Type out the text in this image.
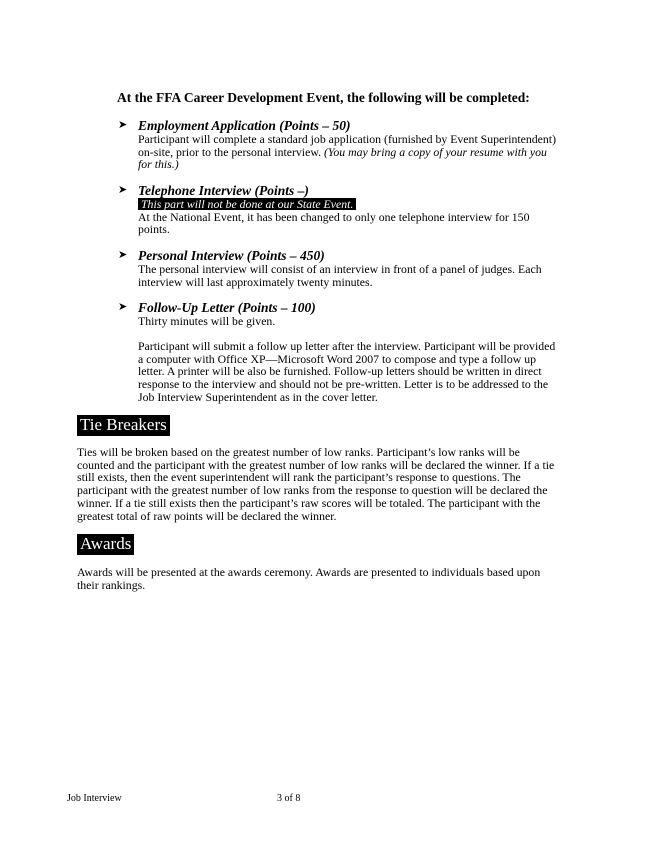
At the FFA Career Development Event, the following will be completed:
➤ Employment Application (Points – 50)
Participant will complete a standard job application (furnished by Event Superintendent) on-site, prior to the personal interview. (You may bring a copy of your resume with you for this.)
➤ Telephone Interview (Points –)
This part will not be done at our State Event.
At the National Event, it has been changed to only one telephone interview for 150 points.
➤ Personal Interview (Points – 450)
The personal interview will consist of an interview in front of a panel of judges. Each interview will last approximately twenty minutes.
➤ Follow-Up Letter (Points – 100)
Thirty minutes will be given.
Participant will submit a follow up letter after the interview. Participant will be provided a computer with Office XP—Microsoft Word 2007 to compose and type a follow up letter. A printer will be also be furnished. Follow-up letters should be written in direct response to the interview and should not be pre-written. Letter is to be addressed to the Job Interview Superintendent as in the cover letter.
Tie Breakers
Ties will be broken based on the greatest number of low ranks. Participant’s low ranks will be counted and the participant with the greatest number of low ranks will be declared the winner. If a tie still exists, then the event superintendent will rank the participant’s response to questions. The participant with the greatest number of low ranks from the response to question will be declared the winner. If a tie still exists then the participant’s raw scores will be totaled. The participant with the greatest total of raw points will be declared the winner.
Awards
Awards will be presented at the awards ceremony. Awards are presented to individuals based upon their rankings.
Job Interview	3 of 8
